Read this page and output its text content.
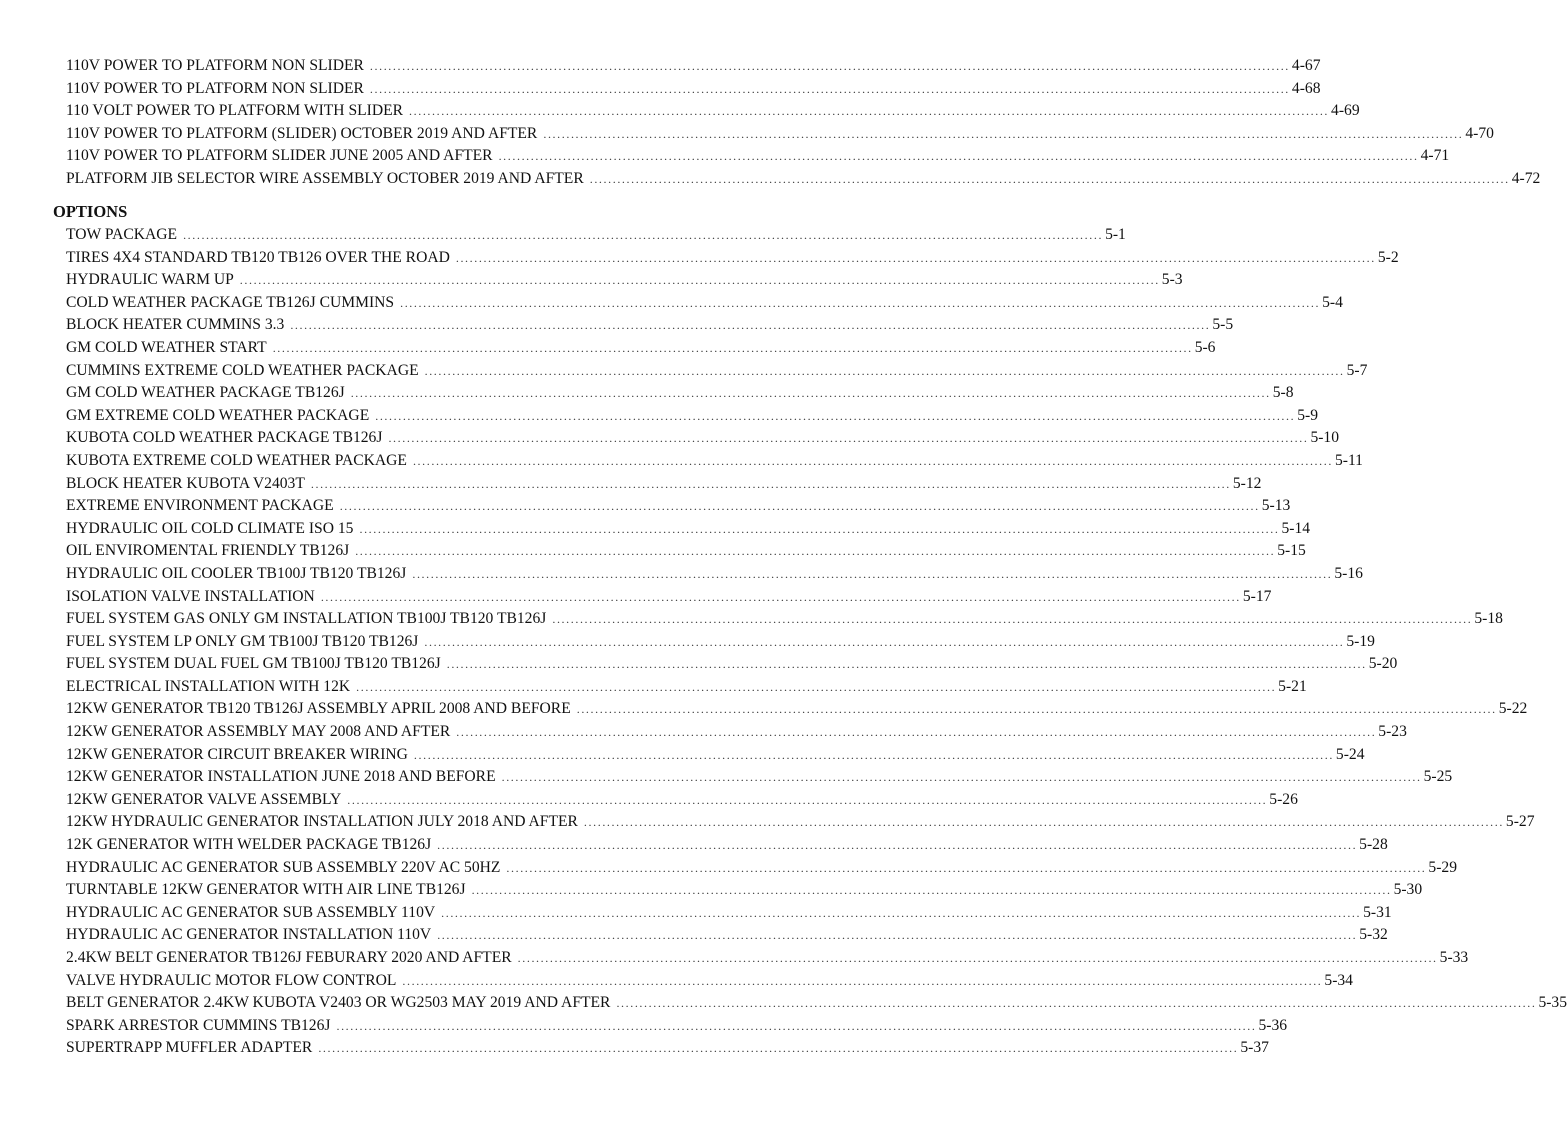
110V POWER TO PLATFORM NON SLIDER ........................................................................................................................................................................................................ 4-67
110V POWER TO PLATFORM NON SLIDER ........................................................................................................................................................................................................ 4-68
110 VOLT POWER TO PLATFORM WITH SLIDER ........................................................................................................................................................................................................ 4-69
110V POWER TO PLATFORM (SLIDER) OCTOBER 2019 AND AFTER ........................................................................................................................................................................................................ 4-70
110V POWER TO PLATFORM SLIDER JUNE 2005 AND AFTER ........................................................................................................................................................................................................ 4-71
PLATFORM JIB SELECTOR WIRE ASSEMBLY OCTOBER 2019 AND AFTER ........................................................................................................................................................................................................ 4-72
OPTIONS
TOW PACKAGE ........................................................................................................................................................................................................ 5-1
TIRES 4X4 STANDARD TB120 TB126 OVER THE ROAD ........................................................................................................................................................................................................ 5-2
HYDRAULIC WARM UP ........................................................................................................................................................................................................ 5-3
COLD WEATHER PACKAGE TB126J CUMMINS ........................................................................................................................................................................................................ 5-4
BLOCK HEATER CUMMINS 3.3 ........................................................................................................................................................................................................ 5-5
GM COLD WEATHER START ........................................................................................................................................................................................................ 5-6
CUMMINS EXTREME COLD WEATHER PACKAGE ........................................................................................................................................................................................................ 5-7
GM COLD WEATHER PACKAGE TB126J ........................................................................................................................................................................................................ 5-8
GM EXTREME COLD WEATHER PACKAGE ........................................................................................................................................................................................................ 5-9
KUBOTA COLD WEATHER PACKAGE TB126J ........................................................................................................................................................................................................ 5-10
KUBOTA EXTREME COLD WEATHER PACKAGE ........................................................................................................................................................................................................ 5-11
BLOCK HEATER KUBOTA V2403T ........................................................................................................................................................................................................ 5-12
EXTREME ENVIRONMENT PACKAGE ........................................................................................................................................................................................................ 5-13
HYDRAULIC OIL COLD CLIMATE ISO 15 ........................................................................................................................................................................................................ 5-14
OIL ENVIROMENTAL FRIENDLY TB126J ........................................................................................................................................................................................................ 5-15
HYDRAULIC OIL COOLER TB100J TB120 TB126J ........................................................................................................................................................................................................ 5-16
ISOLATION VALVE INSTALLATION ........................................................................................................................................................................................................ 5-17
FUEL SYSTEM GAS ONLY GM INSTALLATION TB100J TB120 TB126J ........................................................................................................................................................................................................ 5-18
FUEL SYSTEM LP ONLY GM TB100J TB120 TB126J ........................................................................................................................................................................................................ 5-19
FUEL SYSTEM DUAL FUEL GM TB100J TB120 TB126J ........................................................................................................................................................................................................ 5-20
ELECTRICAL INSTALLATION WITH 12K ........................................................................................................................................................................................................ 5-21
12KW GENERATOR TB120 TB126J ASSEMBLY APRIL 2008 AND BEFORE ........................................................................................................................................................................................................ 5-22
12KW GENERATOR ASSEMBLY MAY 2008 AND AFTER ........................................................................................................................................................................................................ 5-23
12KW GENERATOR CIRCUIT BREAKER WIRING ........................................................................................................................................................................................................ 5-24
12KW GENERATOR INSTALLATION JUNE 2018 AND BEFORE ........................................................................................................................................................................................................ 5-25
12KW GENERATOR VALVE ASSEMBLY ........................................................................................................................................................................................................ 5-26
12KW HYDRAULIC GENERATOR INSTALLATION JULY 2018 AND AFTER ........................................................................................................................................................................................................ 5-27
12K GENERATOR WITH WELDER PACKAGE TB126J ........................................................................................................................................................................................................ 5-28
HYDRAULIC AC GENERATOR SUB ASSEMBLY 220V AC 50HZ ........................................................................................................................................................................................................ 5-29
TURNTABLE 12KW GENERATOR WITH AIR LINE TB126J ........................................................................................................................................................................................................ 5-30
HYDRAULIC AC GENERATOR SUB ASSEMBLY 110V ........................................................................................................................................................................................................ 5-31
HYDRAULIC AC GENERATOR INSTALLATION 110V ........................................................................................................................................................................................................ 5-32
2.4KW BELT GENERATOR TB126J FEBURARY 2020 AND AFTER ........................................................................................................................................................................................................ 5-33
VALVE HYDRAULIC MOTOR FLOW CONTROL ........................................................................................................................................................................................................ 5-34
BELT GENERATOR 2.4KW KUBOTA V2403 OR WG2503 MAY 2019 AND AFTER ........................................................................................................................................................................................................ 5-35
SPARK ARRESTOR CUMMINS TB126J ........................................................................................................................................................................................................ 5-36
SUPERTRAPP MUFFLER ADAPTER ........................................................................................................................................................................................................ 5-37
